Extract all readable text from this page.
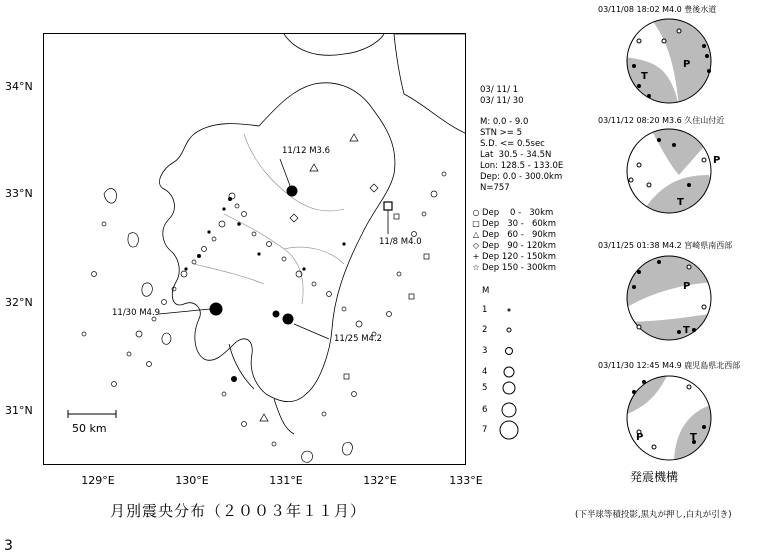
11/12 M3.6
11/8 M4.0
11/30 M4.9
11/25 M4.2
50 km
34°N
33°N
32°N
31°N
129°E	130°E	131°E	132°E	133°E
月別震央分布（２００３年１１月）
03/ 11/ 1
03/ 11/ 30
M: 0.0 - 9.0
STN >= 5
S.D. <= 0.5sec
Lat  30.5 - 34.5N
Lon: 128.5 - 133.0E
Dep: 0.0 - 300.0km
N=757
○ Dep    0 -   30km
□ Dep   30 -   60km
△ Dep   60 -   90km
◇ Dep   90 - 120km
+ Dep 120 - 150km
☆ Dep 150 - 300km
M
1
2
3
4
5
6
7
03/11/08 18:02 M4.0 豊後水道
P
T
03/11/12 08:20 M3.6 久住山付近
P
T
03/11/25 01:38 M4.2 宮崎県南西部
P
T
03/11/30 12:45 M4.9 鹿児島県北西部
P	T
発震機構
(下半球等積投影,黒丸が押し,白丸が引き)
3
